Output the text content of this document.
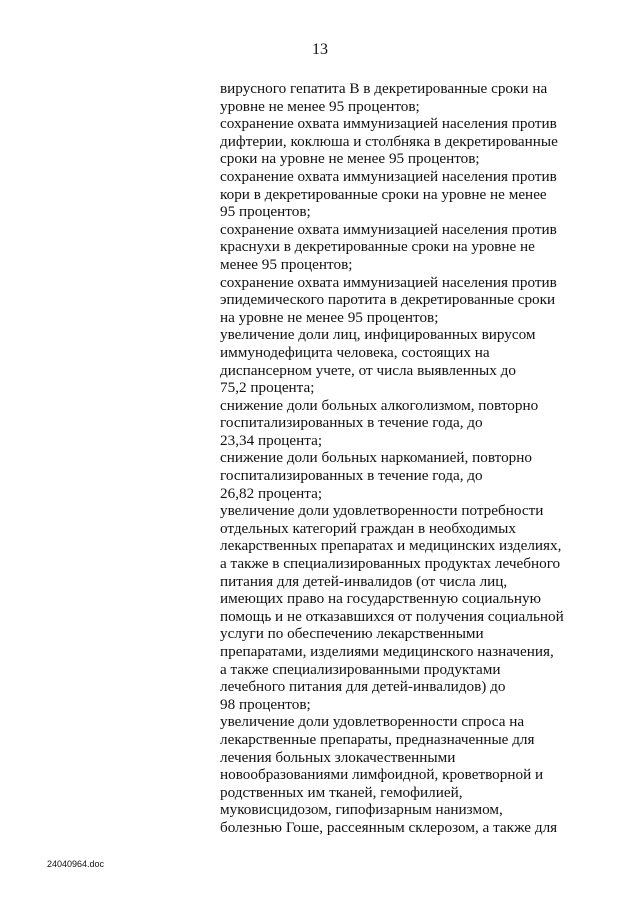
13
вирусного гепатита В в декретированные сроки на
уровне не менее 95 процентов;
сохранение охвата иммунизацией населения против
дифтерии, коклюша и столбняка в декретированные
сроки на уровне не менее 95 процентов;
сохранение охвата иммунизацией населения против
кори в декретированные сроки на уровне не менее
95 процентов;
сохранение охвата иммунизацией населения против
краснухи в декретированные сроки на уровне не
менее 95 процентов;
сохранение охвата иммунизацией населения против
эпидемического паротита в декретированные сроки
на уровне не менее 95 процентов;
увеличение доли лиц, инфицированных вирусом
иммунодефицита человека, состоящих на
диспансерном учете, от числа выявленных до
75,2 процента;
снижение доли больных алкоголизмом, повторно
госпитализированных в течение года, до
23,34 процента;
снижение доли больных наркоманией, повторно
госпитализированных в течение года, до
26,82 процента;
увеличение доли удовлетворенности потребности
отдельных категорий граждан в необходимых
лекарственных препаратах и медицинских изделиях,
а также в специализированных продуктах лечебного
питания для детей-инвалидов (от числа лиц,
имеющих право на государственную социальную
помощь и не отказавшихся от получения социальной
услуги по обеспечению лекарственными
препаратами, изделиями медицинского назначения,
а также специализированными продуктами
лечебного питания для детей-инвалидов) до
98 процентов;
увеличение доли удовлетворенности спроса на
лекарственные препараты, предназначенные для
лечения больных злокачественными
новообразованиями лимфоидной, кроветворной и
родственных им тканей, гемофилией,
муковисцидозом, гипофизарным нанизмом,
болезнью Гоше, рассеянным склерозом, а также для
24040964.doc
